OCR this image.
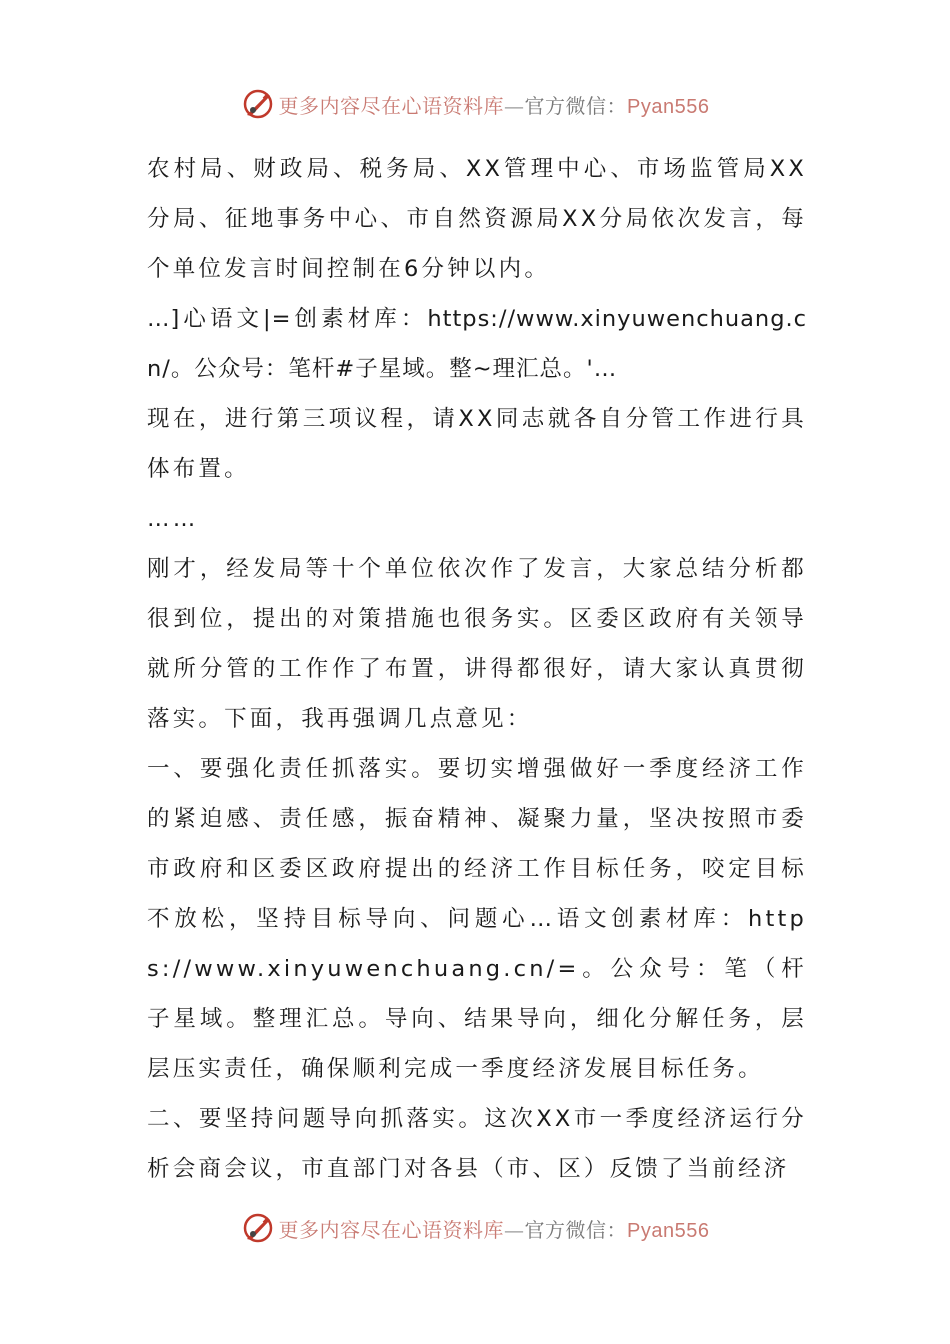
更多内容尽在心语资料库—官方微信：Pyan556

农村局、财政局、税务局、XX管理中心、市场监管局XX分局、征地事务中心、市自然资源局XX分局依次发言，每个单位发言时间控制在6分钟以内。

…]心语文|=创素材库：https://www.xinyuwenchuang.cn/。公众号：笔杆#子星域。整~理汇总。'…

现在，进行第三项议程，请XX同志就各自分管工作进行具体布置。

……

刚才，经发局等十个单位依次作了发言，大家总结分析都很到位，提出的对策措施也很务实。区委区政府有关领导就所分管的工作作了布置，讲得都很好，请大家认真贯彻落实。下面，我再强调几点意见：

一、要强化责任抓落实。要切实增强做好一季度经济工作的紧迫感、责任感，振奋精神、凝聚力量，坚决按照市委市政府和区委区政府提出的经济工作目标任务，咬定目标不放松，坚持目标导向、问题心…语文创素材库：https://www.xinyuwenchuang.cn/=。公众号：笔（杆子星域。整理汇总。导向、结果导向，细化分解任务，层层压实责任，确保顺利完成一季度经济发展目标任务。

二、要坚持问题导向抓落实。这次XX市一季度经济运行分析会商会议，市直部门对各县（市、区）反馈了当前经济

更多内容尽在心语资料库—官方微信：Pyan556
